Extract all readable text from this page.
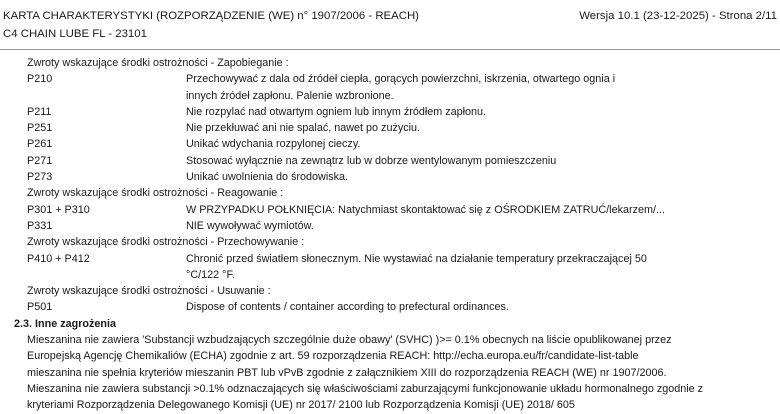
KARTA CHARAKTERYSTYKI (ROZPORZĄDZENIE (WE) n° 1907/2006 - REACH)
C4 CHAIN LUBE FL - 23101
Wersja 10.1 (23-12-2025) - Strona 2/11
Zwroty wskazujące środki ostrożności - Zapobieganie :
P210	Przechowywać z dala od źródeł ciepła, gorących powierzchni, iskrzenia, otwartego ognia i
innych źródeł zapłonu. Palenie wzbronione.
P211	Nie rozpylać nad otwartym ogniem lub innym źródłem zapłonu.
P251	Nie przekłuwać ani nie spalać, nawet po zużyciu.
P261	Unikać wdychania rozpylonej cieczy.
P271	Stosować wyłącznie na zewnątrz lub w dobrze wentylowanym pomieszczeniu
P273	Unikać uwolnienia do środowiska.
Zwroty wskazujące środki ostrożności - Reagowanie :
P301 + P310	W PRZYPADKU POŁKNIĘCIA: Natychmiast skontaktować się z OŚRODKIEM ZATRUĆ/lekarzem/...
P331	NIE wywoływać wymiotów.
Zwroty wskazujące środki ostrożności - Przechowywanie :
P410 + P412	Chronić przed światłem słonecznym. Nie wystawiać na działanie temperatury przekraczającej 50
°C/122 °F.
Zwroty wskazujące środki ostrożności - Usuwanie :
P501	Dispose of contents / container according to prefectural ordinances.
2.3. Inne zagrożenia
Mieszanina nie zawiera 'Substancji wzbudzających szczególnie duże obawy' (SVHC) )>= 0.1% obecnych na liście opublikowanej przez
Europejską Agencję Chemikaliów (ECHA) zgodnie z art. 59 rozporządzenia REACH: http://echa.europa.eu/fr/candidate-list-table
mieszanina nie spełnia kryteriów mieszanin PBT lub vPvB zgodnie z załącznikiem XIII do rozporządzenia REACH (WE) nr 1907/2006.
Mieszanina nie zawiera substancji >0.1% odznaczających się właściwościami zaburzającymi funkcjonowanie układu hormonalnego zgodnie z
kryteriami Rozporządzenia Delegowanego Komisji (UE) nr 2017/ 2100 lub Rozporządzenia Komisji (UE) 2018/ 605
